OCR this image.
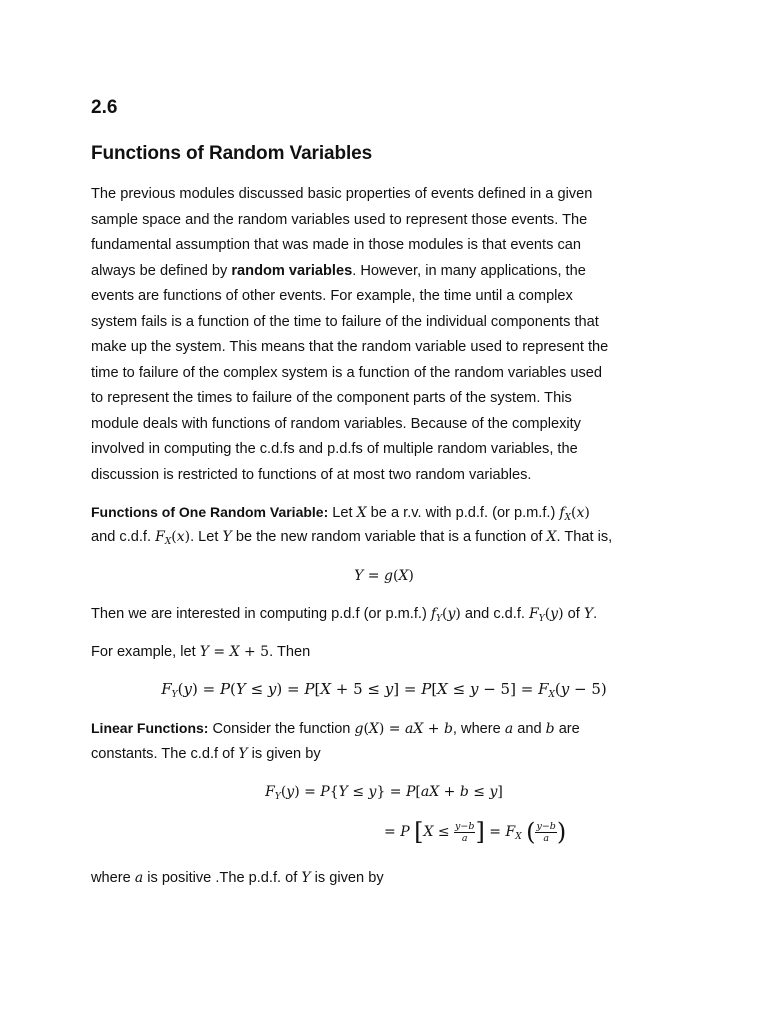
2.6
Functions of Random Variables

The previous modules discussed basic properties of events defined in a given

sample space and the random variables used to represent those events. The

fundamental assumption that was made in those modules is that events can

always be defined by random variables. However, in many applications, the

events are functions of other events. For example, the time until a complex

system fails is a function of the time to failure of the individual components that

make up the system. This means that the random variable used to represent the

time to failure of the complex system is a function of the random variables used

to represent the times to failure of the component parts of the system. This

module deals with functions of random variables. Because of the complexity

involved in computing the c.d.fs and p.d.fs of multiple random variables, the

discussion is restricted to functions of at most two random variables.

Functions of One Random Variable: Let X be a r.v. with p.d.f. (or p.m.f.) $f_X(x)$
and c.d.f. $F_X(x)$. Let Y be the new random variable that is a function of X. That is,
Y = g(X)
Then we are interested in computing p.d.f (or p.m.f.) $f_Y(y)$ and c.d.f. $F_Y(y)$ of Y.
For example, let Y = X + 5. Then
$F_Y(y) = P(Y \le y) = P[X + 5 \le y] = P[X \le y - 5] = F_X(y - 5)$
Linear Functions: Consider the function g(X) = aX + b, where a and b are
constants. The c.d.f of Y is given by
$F_Y(y) = P\{Y \le y\} = P[aX + b \le y]$
= P [$X \le \frac{y-b}{a}$ ] = $F_X$ ( $\frac{y-b}{a}$ )
where a is positive .The p.d.f. of Y is given by
